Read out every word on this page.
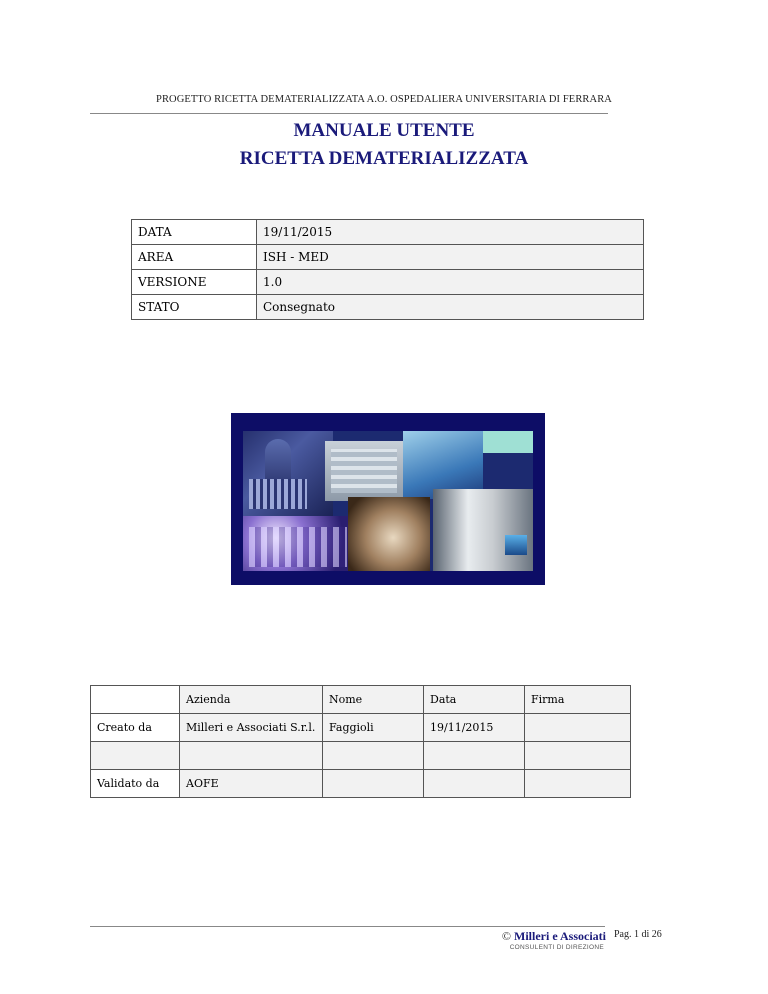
PROGETTO RICETTA DEMATERIALIZZATA A.O. OSPEDALIERA UNIVERSITARIA DI FERRARA
MANUALE UTENTE
RICETTA DEMATERIALIZZATA
DATA	19/11/2015
AREA	ISH - MED
VERSIONE	1.0
STATO	Consegnato
	Azienda	Nome	Data	Firma
Creato da	Milleri e Associati S.r.l.	Faggioli	19/11/2015	

Validato da	AOFE			
© Milleri e Associati
CONSULENTI DI DIREZIONE
Pag. 1 di 26
